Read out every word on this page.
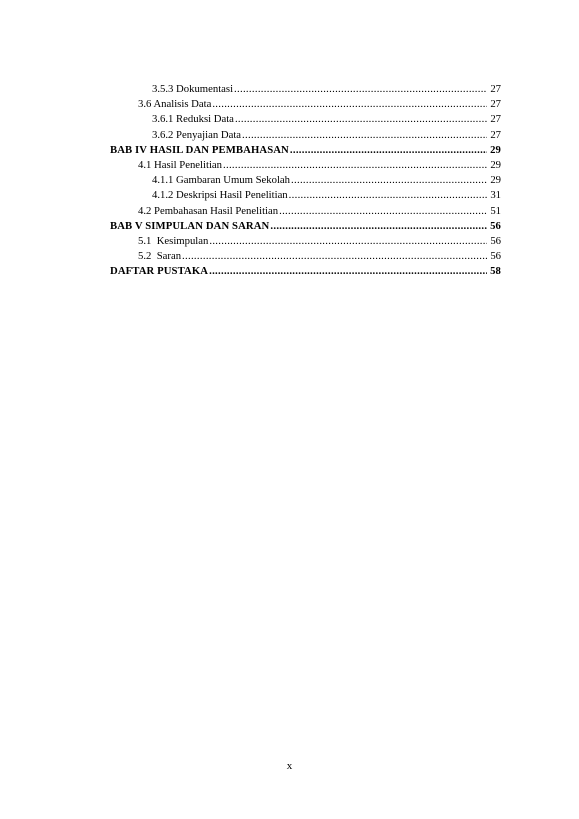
3.5.3 Dokumentasi .....	27
3.6 Analisis Data .....	27
3.6.1 Reduksi Data .....	27
3.6.2 Penyajian Data .....	27
BAB IV HASIL DAN PEMBAHASAN .....	29
4.1 Hasil Penelitian .....	29
4.1.1 Gambaran Umum Sekolah .....	29
4.1.2 Deskripsi Hasil Penelitian .....	31
4.2 Pembahasan Hasil Penelitian .....	51
BAB V SIMPULAN DAN SARAN .....	56
5.1  Kesimpulan .....	56
5.2  Saran .....	56
DAFTAR PUSTAKA .....	58
x
